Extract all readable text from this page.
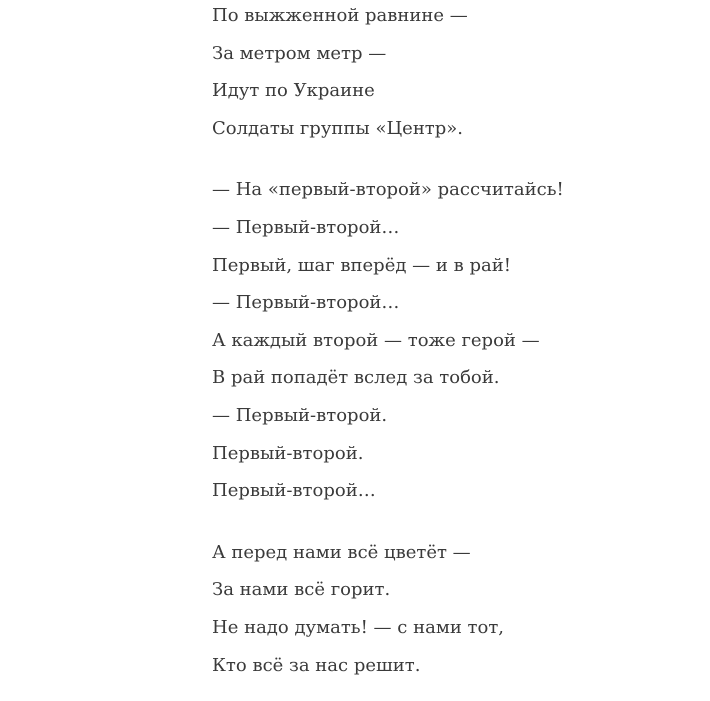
По выжженной равнине —
За метром метр —
Идут по Украине
Солдаты группы «Центр».
— На «первый-второй» рассчитайсь!
— Первый-второй…
Первый, шаг вперёд — и в рай!
— Первый-второй…
А каждый второй — тоже герой —
В рай попадёт вслед за тобой.
— Первый-второй.
Первый-второй.
Первый-второй…
А перед нами всё цветёт —
За нами всё горит.
Не надо думать! — с нами тот,
Кто всё за нас решит.
